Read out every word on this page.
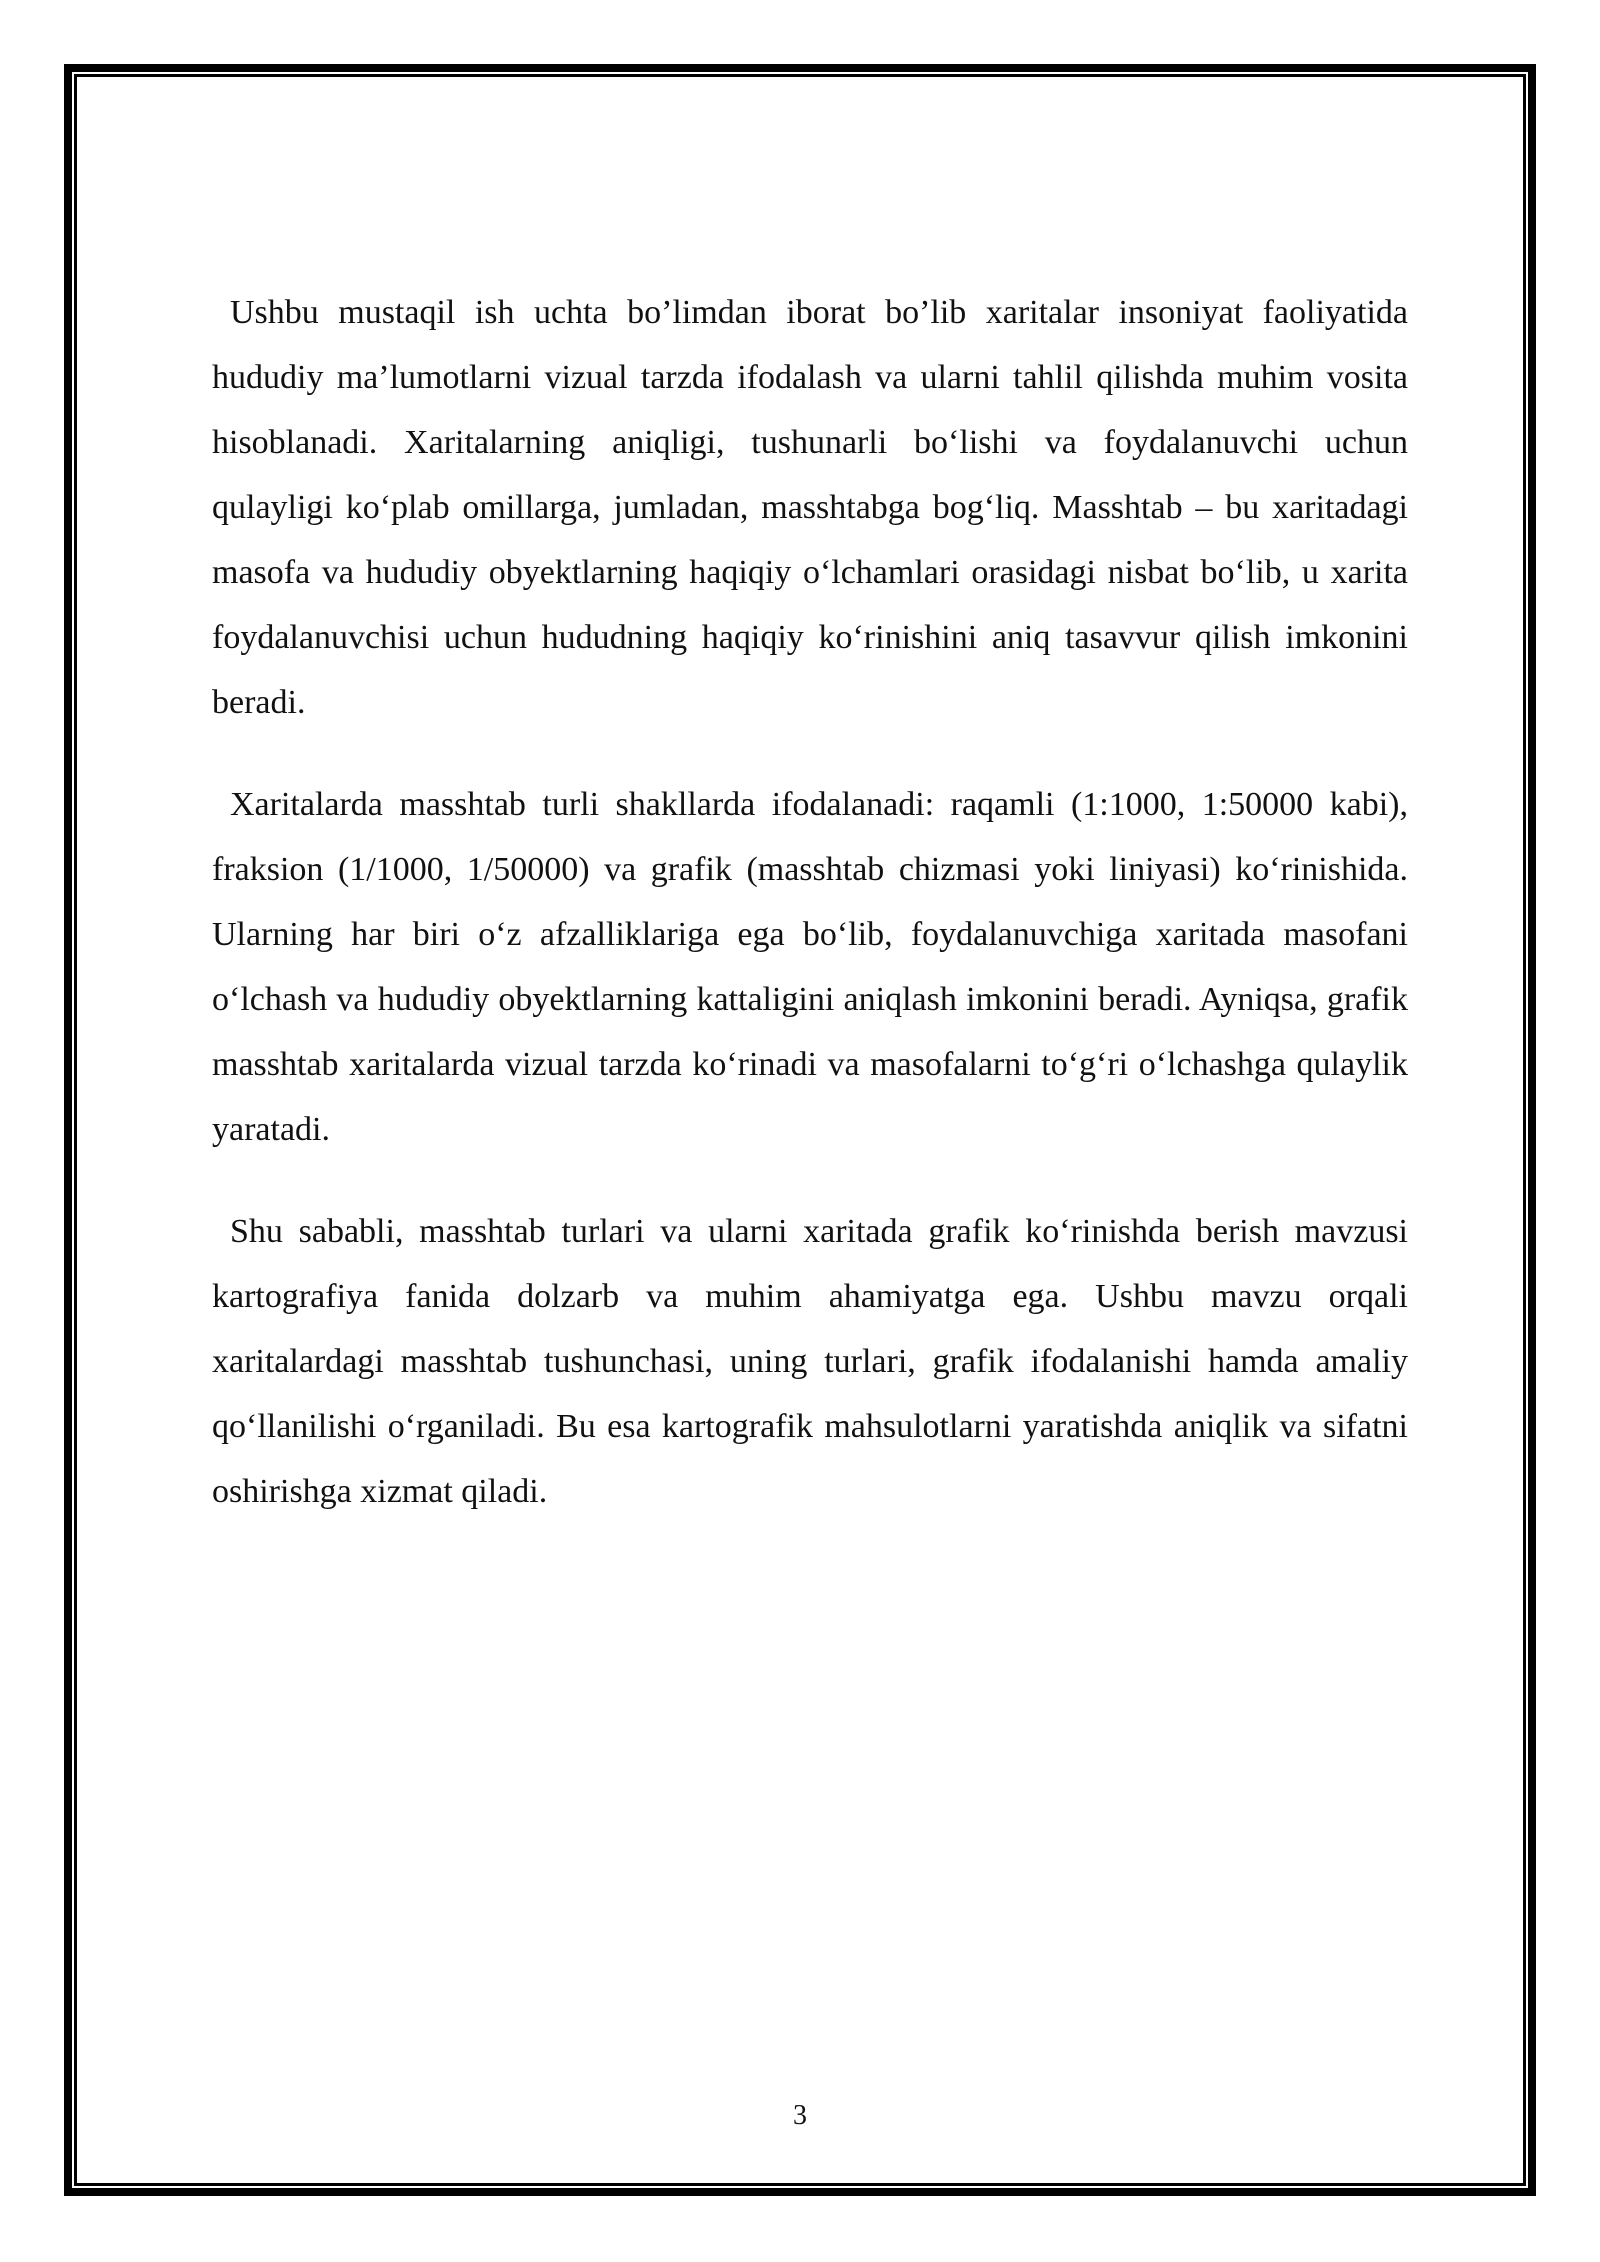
Ushbu mustaqil ish uchta bo’limdan iborat bo’lib xaritalar insoniyat faoliyatida hududiy ma’lumotlarni vizual tarzda ifodalash va ularni tahlil qilishda muhim vosita hisoblanadi. Xaritalarning aniqligi, tushunarli bo‘lishi va foydalanuvchi uchun qulayligi ko‘plab omillarga, jumladan, masshtabga bog‘liq. Masshtab – bu xaritadagi masofa va hududiy obyektlarning haqiqiy o‘lchamlari orasidagi nisbat bo‘lib, u xarita foydalanuvchisi uchun hududning haqiqiy ko‘rinishini aniq tasavvur qilish imkonini beradi.

Xaritalarda masshtab turli shakllarda ifodalanadi: raqamli (1:1000, 1:50000 kabi), fraksion (1/1000, 1/50000) va grafik (masshtab chizmasi yoki liniyasi) ko‘rinishida. Ularning har biri o‘z afzalliklariga ega bo‘lib, foydalanuvchiga xaritada masofani o‘lchash va hududiy obyektlarning kattaligini aniqlash imkonini beradi. Ayniqsa, grafik masshtab xaritalarda vizual tarzda ko‘rinadi va masofalarni to‘g‘ri o‘lchashga qulaylik yaratadi.

Shu sababli, masshtab turlari va ularni xaritada grafik ko‘rinishda berish mavzusi kartografiya fanida dolzarb va muhim ahamiyatga ega. Ushbu mavzu orqali xaritalardagi masshtab tushunchasi, uning turlari, grafik ifodalanishi hamda amaliy qo‘llanilishi o‘rganiladi. Bu esa kartografik mahsulotlarni yaratishda aniqlik va sifatni oshirishga xizmat qiladi.

3
